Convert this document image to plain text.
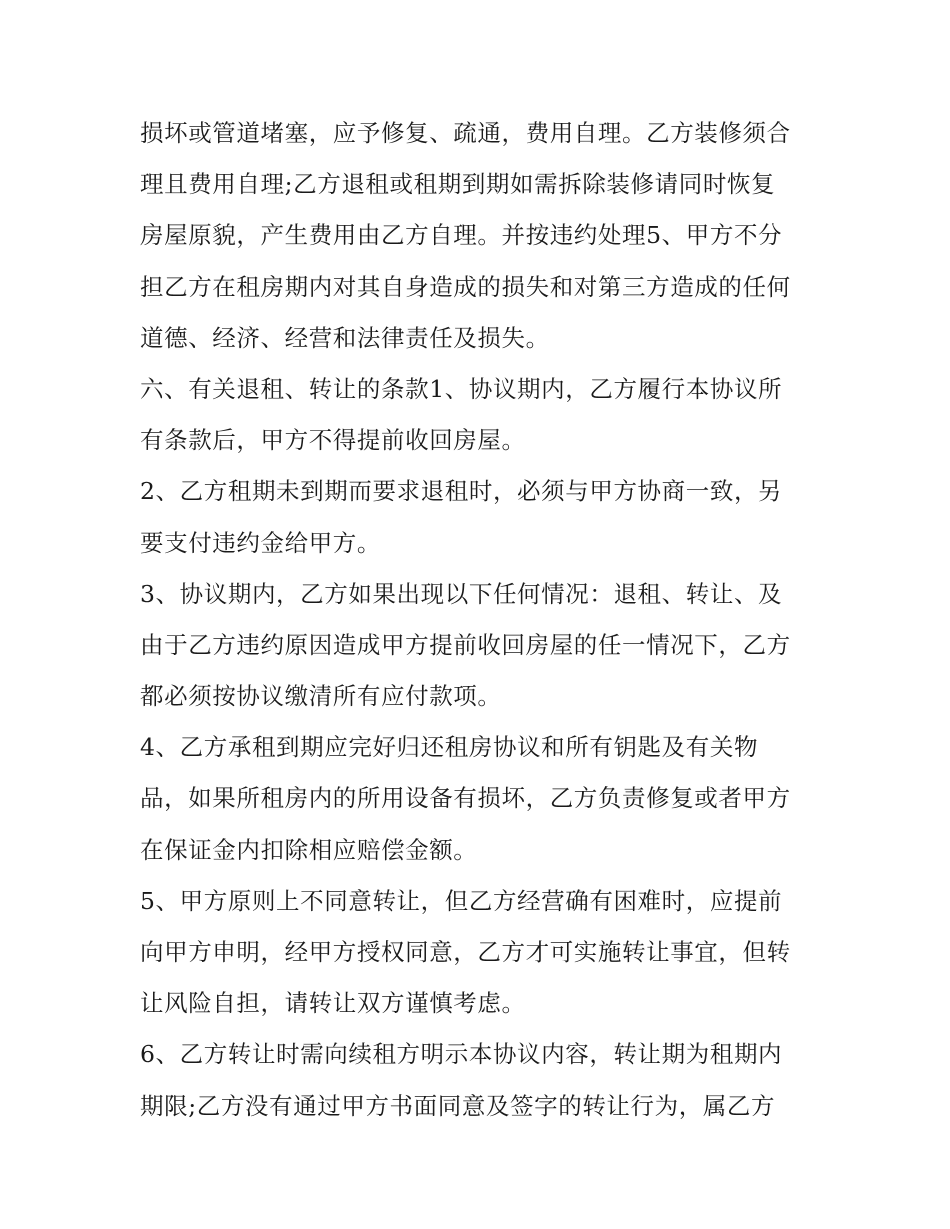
损坏或管道堵塞，应予修复、疏通，费用自理。乙方装修须合
理且费用自理;乙方退租或租期到期如需拆除装修请同时恢复
房屋原貌，产生费用由乙方自理。并按违约处理5、甲方不分
担乙方在租房期内对其自身造成的损失和对第三方造成的任何
道德、经济、经营和法律责任及损失。
六、有关退租、转让的条款1、协议期内，乙方履行本协议所
有条款后，甲方不得提前收回房屋。
2、乙方租期未到期而要求退租时，必须与甲方协商一致，另
要支付违约金给甲方。
3、协议期内，乙方如果出现以下任何情况：退租、转让、及
由于乙方违约原因造成甲方提前收回房屋的任一情况下，乙方
都必须按协议缴清所有应付款项。
4、乙方承租到期应完好归还租房协议和所有钥匙及有关物
品，如果所租房内的所用设备有损坏，乙方负责修复或者甲方
在保证金内扣除相应赔偿金额。
5、甲方原则上不同意转让，但乙方经营确有困难时，应提前
向甲方申明，经甲方授权同意，乙方才可实施转让事宜，但转
让风险自担，请转让双方谨慎考虑。
6、乙方转让时需向续租方明示本协议内容，转让期为租期内
期限;乙方没有通过甲方书面同意及签字的转让行为，属乙方
